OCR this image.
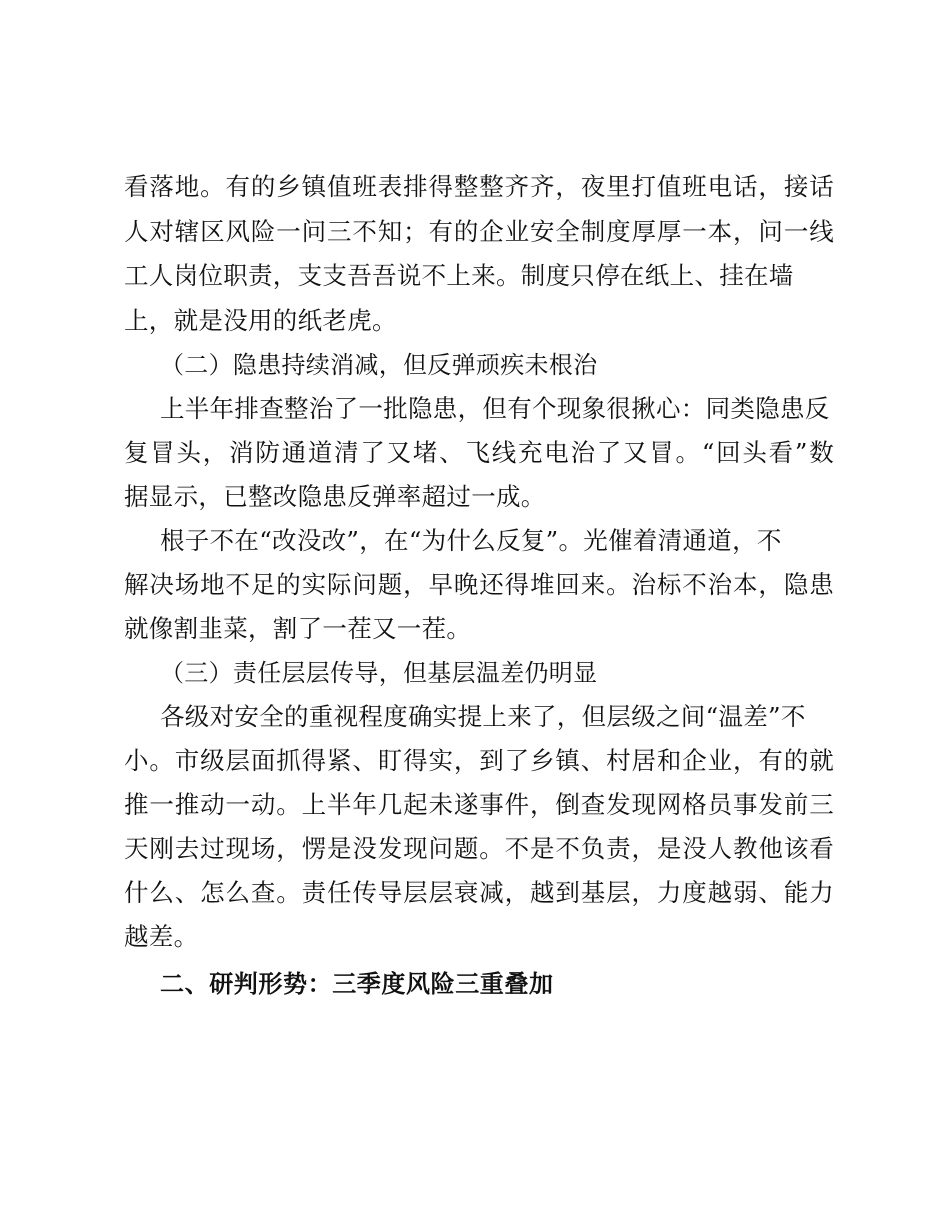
看落地。有的乡镇值班表排得整整齐齐，夜里打值班电话，接话
人对辖区风险一问三不知；有的企业安全制度厚厚一本，问一线
工人岗位职责，支支吾吾说不上来。制度只停在纸上、挂在墙
上，就是没用的纸老虎。
（二）隐患持续消减，但反弹顽疾未根治
上半年排查整治了一批隐患，但有个现象很揪心：同类隐患反
复冒头，消防通道清了又堵、飞线充电治了又冒。“回头看”数
据显示，已整改隐患反弹率超过一成。
根子不在“改没改”，在“为什么反复”。光催着清通道，不
解决场地不足的实际问题，早晚还得堆回来。治标不治本，隐患
就像割韭菜，割了一茬又一茬。
（三）责任层层传导，但基层温差仍明显
各级对安全的重视程度确实提上来了，但层级之间“温差”不
小。市级层面抓得紧、盯得实，到了乡镇、村居和企业，有的就
推一推动一动。上半年几起未遂事件，倒查发现网格员事发前三
天刚去过现场，愣是没发现问题。不是不负责，是没人教他该看
什么、怎么查。责任传导层层衰减，越到基层，力度越弱、能力
越差。
二、研判形势：三季度风险三重叠加
